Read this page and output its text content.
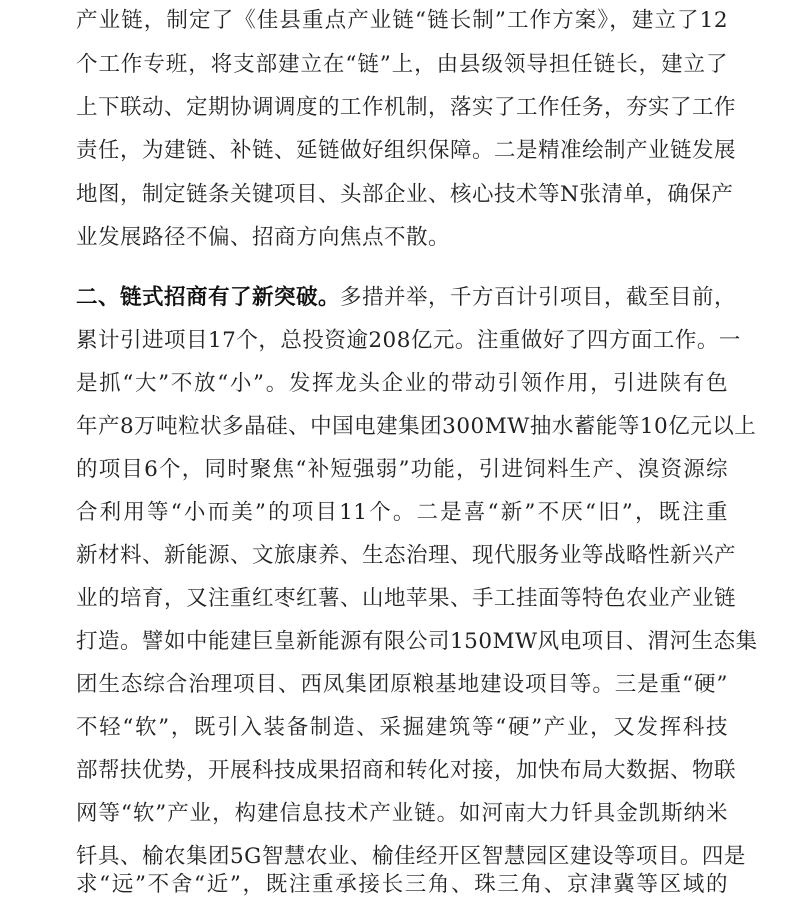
产业链，制定了《佳县重点产业链“链长制”工作方案》，建立了12
个工作专班，将支部建立在“链”上，由县级领导担任链长，建立了
上下联动、定期协调调度的工作机制，落实了工作任务，夯实了工作
责任，为建链、补链、延链做好组织保障。二是精准绘制产业链发展
地图，制定链条关键项目、头部企业、核心技术等N张清单，确保产
业发展路径不偏、招商方向焦点不散。
二、链式招商有了新突破。多措并举，千方百计引项目，截至目前，
累计引进项目17个，总投资逾208亿元。注重做好了四方面工作。一
是抓“大”不放“小”。发挥龙头企业的带动引领作用，引进陕有色
年产8万吨粒状多晶硅、中国电建集团300MW抽水蓄能等10亿元以上
的项目6个，同时聚焦“补短强弱”功能，引进饲料生产、溴资源综
合利用等“小而美”的项目11个。二是喜“新”不厌“旧”，既注重
新材料、新能源、文旅康养、生态治理、现代服务业等战略性新兴产
业的培育，又注重红枣红薯、山地苹果、手工挂面等特色农业产业链
打造。譬如中能建巨皇新能源有限公司150MW风电项目、渭河生态集
团生态综合治理项目、西凤集团原粮基地建设项目等。三是重“硬”
不轻“软”，既引入装备制造、采掘建筑等“硬”产业，又发挥科技
部帮扶优势，开展科技成果招商和转化对接，加快布局大数据、物联
网等“软”产业，构建信息技术产业链。如河南大力钎具金凯斯纳米
钎具、榆农集团5G智慧农业、榆佳经开区智慧园区建设等项目。四是
求“远”不舍“近”，既注重承接长三角、珠三角、京津冀等区域的
